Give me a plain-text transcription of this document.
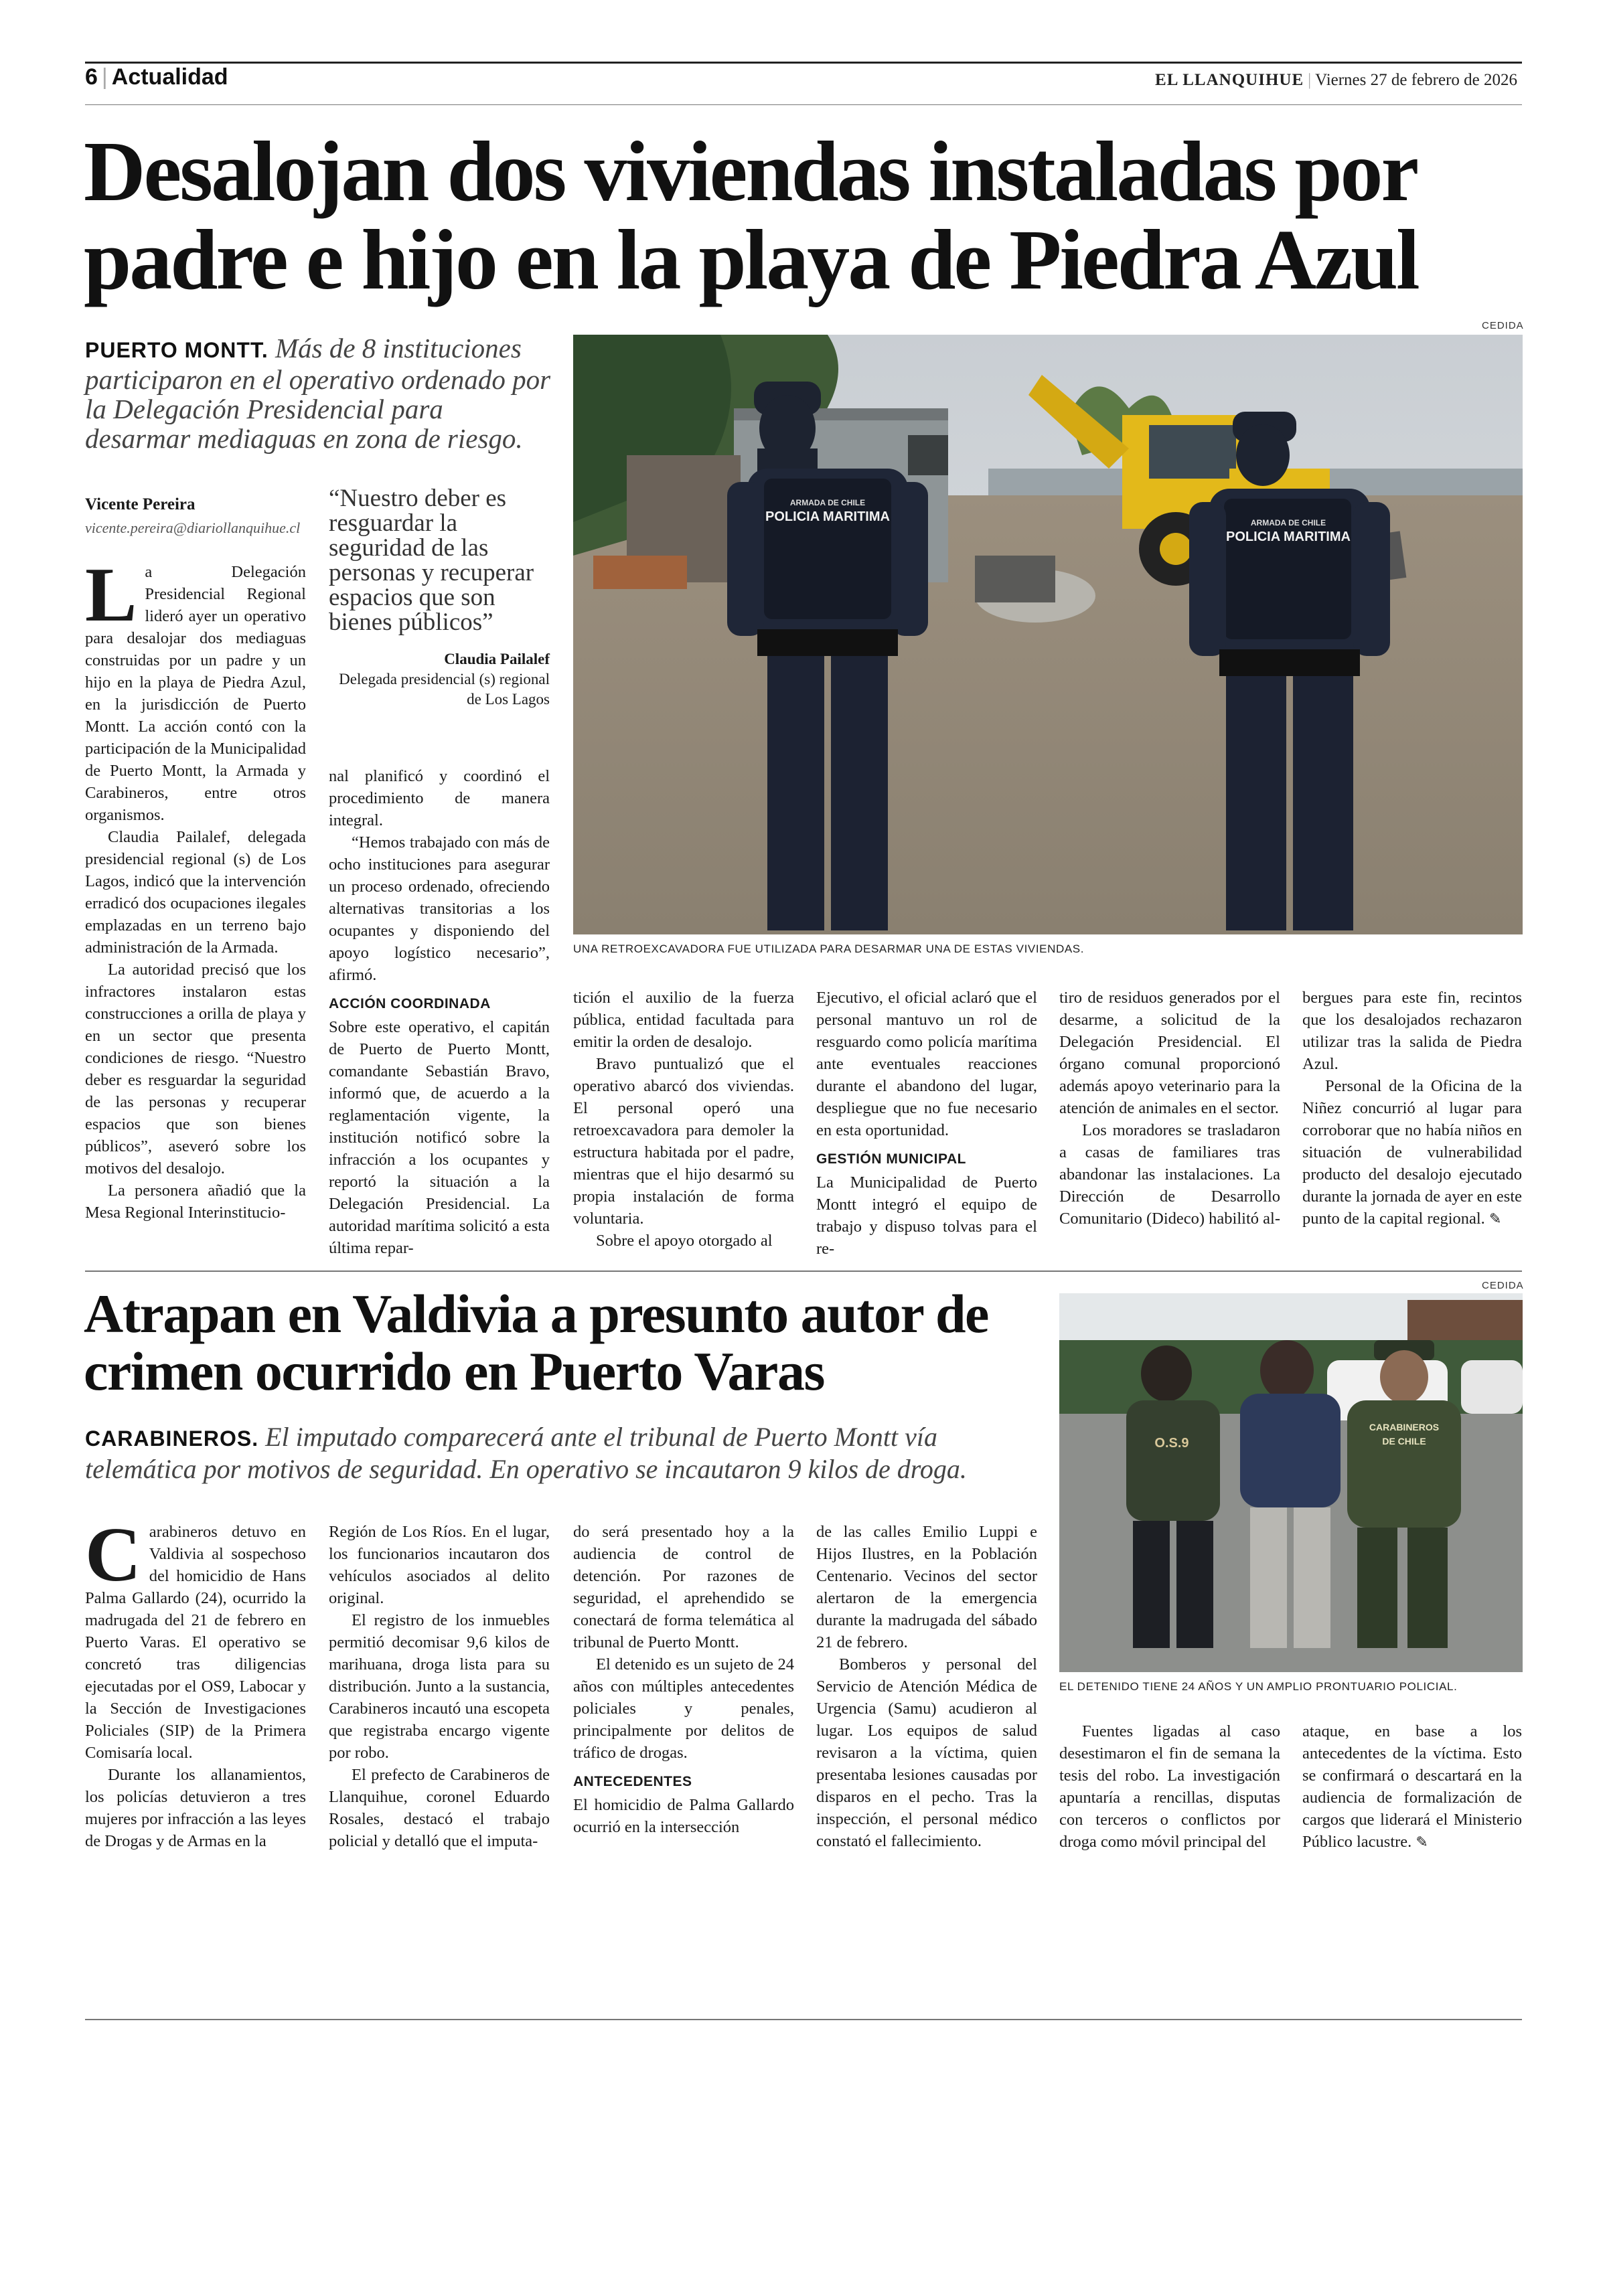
6 | Actualidad	EL LLANQUIHUE | Viernes 27 de febrero de 2026
Desalojan dos viviendas instaladas por padre e hijo en la playa de Piedra Azul
PUERTO MONTT. Más de 8 instituciones participaron en el operativo ordenado por la Delegación Presidencial para desarmar mediaguas en zona de riesgo.
Vicente Pereira
vicente.pereira@diariollanquihue.cl
“Nuestro deber es resguardar la seguridad de las personas y recuperar espacios que son bienes públicos”
Claudia Pailalef
Delegada presidencial (s) regional de Los Lagos
CEDIDA
ARMADA DE CHILE
POLICIA MARITIMA	ARMADA DE CHILE
POLICIA MARITIMA
UNA RETROEXCAVADORA FUE UTILIZADA PARA DESARMAR UNA DE ESTAS VIVIENDAS.

La Delegación Presidencial Regional lideró ayer un operativo para desalojar dos mediaguas construidas por un padre y un hijo en la playa de Piedra Azul, en la jurisdicción de Puerto Montt. La acción contó con la participación de la Municipalidad de Puerto Montt, la Armada y Carabineros, entre otros organismos.

Claudia Pailalef, delegada presidencial regional (s) de Los Lagos, indicó que la intervención erradicó dos ocupaciones ilegales emplazadas en un terreno bajo administración de la Armada.

La autoridad precisó que los infractores instalaron estas construcciones a orilla de playa y en un sector que presenta condiciones de riesgo. “Nuestro deber es resguardar la seguridad de las personas y recuperar espacios que son bienes públicos”, aseveró sobre los motivos del desalojo.

La personera añadió que la Mesa Regional Interinstitucio-

nal planificó y coordinó el procedimiento de manera integral.

“Hemos trabajado con más de ocho instituciones para asegurar un proceso ordenado, ofreciendo alternativas transitorias a los ocupantes y disponiendo del apoyo logístico necesario”, afirmó.

ACCIÓN COORDINADA

Sobre este operativo, el capitán de Puerto de Puerto Montt, comandante Sebastián Bravo, informó que, de acuerdo a la reglamentación vigente, la institución notificó sobre la infracción a los ocupantes y reportó la situación a la Delegación Presidencial. La autoridad marítima solicitó a esta última repar-

tición el auxilio de la fuerza pública, entidad facultada para emitir la orden de desalojo.

Bravo puntualizó que el operativo abarcó dos viviendas. El personal operó una retroexcavadora para demoler la estructura habitada por el padre, mientras que el hijo desarmó su propia instalación de forma voluntaria.

Sobre el apoyo otorgado al

Ejecutivo, el oficial aclaró que el personal mantuvo un rol de resguardo como policía marítima ante eventuales reacciones durante el abandono del lugar, despliegue que no fue necesario en esta oportunidad.

GESTIÓN MUNICIPAL

La Municipalidad de Puerto Montt integró el equipo de trabajo y dispuso tolvas para el re-

tiro de residuos generados por el desarme, a solicitud de la Delegación Presidencial. El órgano comunal proporcionó además apoyo veterinario para la atención de animales en el sector.

Los moradores se trasladaron a casas de familiares tras abandonar las instalaciones. La Dirección de Desarrollo Comunitario (Dideco) habilitó al-

bergues para este fin, recintos que los desalojados rechazaron utilizar tras la salida de Piedra Azul.

Personal de la Oficina de la Niñez concurrió al lugar para corroborar que no había niños en situación de vulnerabilidad producto del desalojo ejecutado durante la jornada de ayer en este punto de la capital regional. ✎

Atrapan en Valdivia a presunto autor de crimen ocurrido en Puerto Varas
CARABINEROS. El imputado comparecerá ante el tribunal de Puerto Montt vía telemática por motivos de seguridad. En operativo se incautaron 9 kilos de droga.
CEDIDA
O.S.9
CARABINEROS
DE CHILE
EL DETENIDO TIENE 24 AÑOS Y UN AMPLIO PRONTUARIO POLICIAL.

Carabineros detuvo en Valdivia al sospechoso del homicidio de Hans Palma Gallardo (24), ocurrido la madrugada del 21 de febrero en Puerto Varas. El operativo se concretó tras diligencias ejecutadas por el OS9, Labocar y la Sección de Investigaciones Policiales (SIP) de la Primera Comisaría local.

Durante los allanamientos, los policías detuvieron a tres mujeres por infracción a las leyes de Drogas y de Armas en la

Región de Los Ríos. En el lugar, los funcionarios incautaron dos vehículos asociados al delito original.

El registro de los inmuebles permitió decomisar 9,6 kilos de marihuana, droga lista para su distribución. Junto a la sustancia, Carabineros incautó una escopeta que registraba encargo vigente por robo.

El prefecto de Carabineros de Llanquihue, coronel Eduardo Rosales, destacó el trabajo policial y detalló que el imputa-

do será presentado hoy a la audiencia de control de detención. Por razones de seguridad, el aprehendido se conectará de forma telemática al tribunal de Puerto Montt.

El detenido es un sujeto de 24 años con múltiples antecedentes policiales y penales, principalmente por delitos de tráfico de drogas.

ANTECEDENTES

El homicidio de Palma Gallardo ocurrió en la intersección

de las calles Emilio Luppi e Hijos Ilustres, en la Población Centenario. Vecinos del sector alertaron de la emergencia durante la madrugada del sábado 21 de febrero.

Bomberos y personal del Servicio de Atención Médica de Urgencia (Samu) acudieron al lugar. Los equipos de salud revisaron a la víctima, quien presentaba lesiones causadas por disparos en el pecho. Tras la inspección, el personal médico constató el fallecimiento.

Fuentes ligadas al caso desestimaron el fin de semana la tesis del robo. La investigación apuntaría a rencillas, disputas con terceros o conflictos por droga como móvil principal del

ataque, en base a los antecedentes de la víctima. Esto se confirmará o descartará en la audiencia de formalización de cargos que liderará el Ministerio Público lacustre. ✎
